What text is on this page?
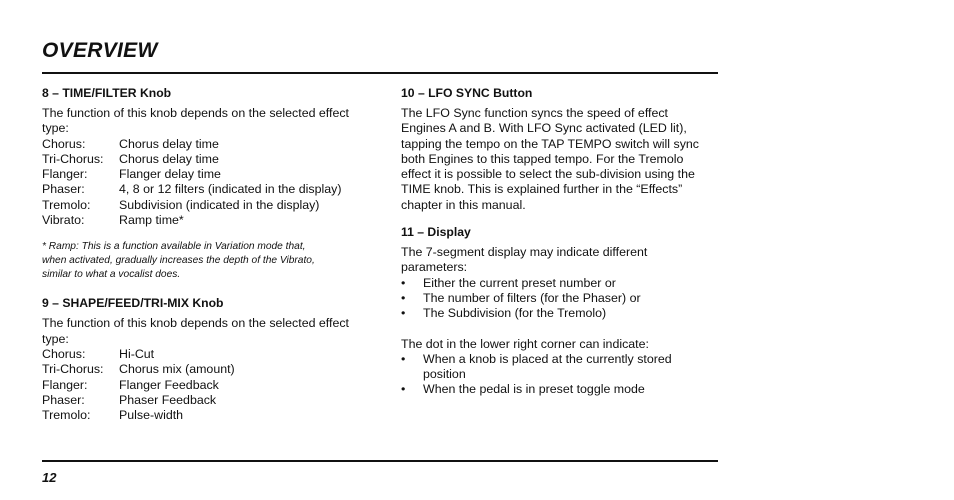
OVERVIEW

8 – TIME/FILTER Knob

The function of this knob depends on the selected effect type:

Chorus:	Chorus delay time
Tri-Chorus:	Chorus delay time
Flanger:	Flanger delay time
Phaser:	4, 8 or 12 filters (indicated in the display)
Tremolo:	Subdivision (indicated in the display)
Vibrato:	Ramp time*
* Ramp: This is a function available in Variation mode that,
when activated, gradually increases the depth of the Vibrato,
similar to what a vocalist does.

9 – SHAPE/FEED/TRI-MIX Knob

The function of this knob depends on the selected effect type:

Chorus:	Hi-Cut
Tri-Chorus:	Chorus mix (amount)
Flanger:	Flanger Feedback
Phaser:	Phaser Feedback
Tremolo:	Pulse-width

10 – LFO SYNC Button

The LFO Sync function syncs the speed of effect Engines A and B. With LFO Sync activated (LED lit), tapping the tempo on the TAP TEMPO switch will sync both Engines to this tapped tempo. For the Tremolo effect it is possible to select the sub-division using the TIME knob. This is explained further in the “Effects” chapter in this manual.

11 – Display

The 7-segment display may indicate different parameters:

•	Either the current preset number or
•	The number of filters (for the Phaser) or
•	The Subdivision (for the Tremolo)

The dot in the lower right corner can indicate:

•	When a knob is placed at the currently stored position
•	When the pedal is in preset toggle mode
12
